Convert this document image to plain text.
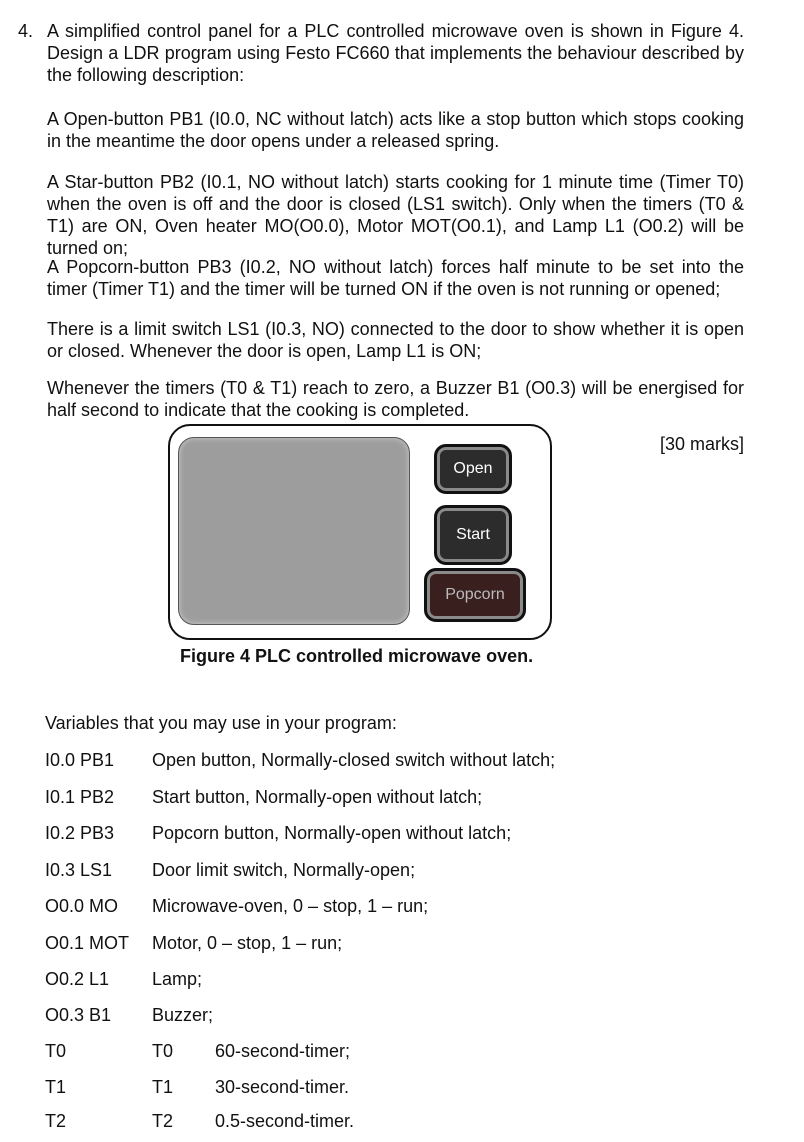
4. A simplified control panel for a PLC controlled microwave oven is shown in Figure 4. Design a LDR program using Festo FC660 that implements the behaviour described by the following description:
A Open-button PB1 (I0.0, NC without latch) acts like a stop button which stops cooking in the meantime the door opens under a released spring.
A Star-button PB2 (I0.1, NO without latch) starts cooking for 1 minute time (Timer T0) when the oven is off and the door is closed (LS1 switch). Only when the timers (T0 & T1) are ON, Oven heater MO(O0.0), Motor MOT(O0.1), and Lamp L1 (O0.2) will be turned on;
A Popcorn-button PB3 (I0.2, NO without latch) forces half minute to be set into the timer (Timer T1) and the timer will be turned ON if the oven is not running or opened;
There is a limit switch LS1 (I0.3, NO) connected to the door to show whether it is open or closed. Whenever the door is open, Lamp L1 is ON;
Whenever the timers (T0 & T1) reach to zero, a Buzzer B1 (O0.3) will be energised for half second to indicate that the cooking is completed.
[30 marks]
Open
Start
Popcorn
Figure 4 PLC controlled microwave oven.
Variables that you may use in your program:
I0.0 PB1 Open button, Normally-closed switch without latch;
I0.1 PB2 Start button, Normally-open without latch;
I0.2 PB3 Popcorn button, Normally-open without latch;
I0.3 LS1 Door limit switch, Normally-open;
O0.0 MO Microwave-oven, 0 – stop, 1 – run;
O0.1 MOT Motor, 0 – stop, 1 – run;
O0.2 L1 Lamp;
O0.3 B1 Buzzer;
T0	T0 60-second-timer;
T1	T1 30-second-timer.
T2	T2 0.5-second-timer.
